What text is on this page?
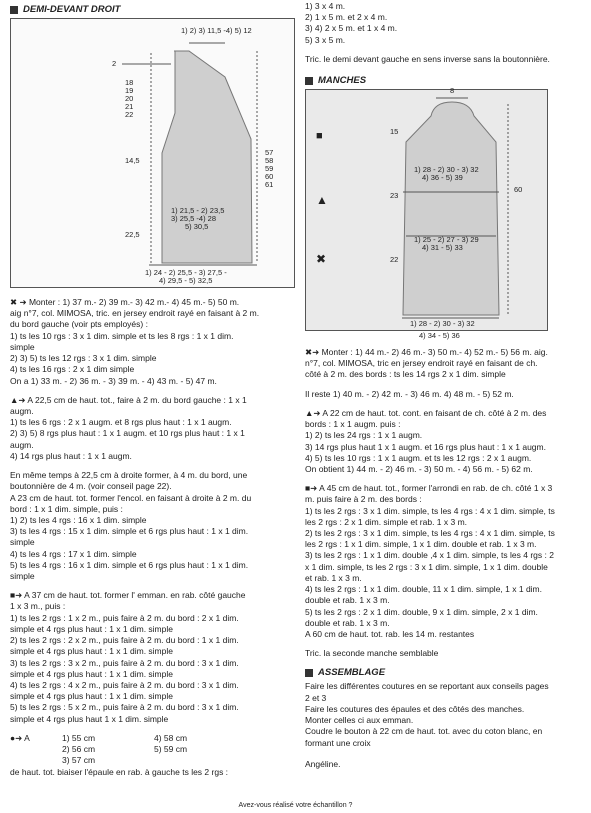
DEMI-DEVANT DROIT
1) 2) 3) 11,5 -4) 5) 12
2
18
19
20
21
22
14,5
22,5
57
58
59
60
61
1) 21,5 - 2) 23,5
3) 25,5 -4) 28
5) 30,5
1) 24 - 2) 25,5 - 3) 27,5 -
4) 29,5 - 5) 32,5
✖ ➜ Monter : 1) 37 m.- 2) 39 m.- 3) 42 m.- 4) 45 m.- 5) 50 m.
aig n°7, col. MIMOSA, tric. en jersey endroit rayé en faisant à 2 m.
du bord gauche (voir pts employés) :
1) ts les 10 rgs : 3 x 1 dim. simple et ts les 8 rgs : 1 x 1 dim.
simple
2) 3) 5) ts les 12 rgs : 3 x 1 dim. simple
4) ts les 16 rgs : 2 x 1 dim simple
On a 1) 33 m. - 2) 36 m. - 3) 39 m. - 4) 43 m. - 5) 47 m.
▲➜ A 22,5 cm de haut. tot., faire à 2 m. du bord gauche : 1 x 1
augm.
1) ts les 6 rgs : 2 x 1 augm. et 8 rgs plus haut : 1 x 1 augm.
2) 3) 5) 8 rgs plus haut : 1 x 1 augm. et 10 rgs plus haut : 1 x 1
augm.
4) 14 rgs plus haut : 1 x 1 augm.
En même temps à 22,5 cm à droite former, à 4 m. du bord, une
boutonnière de 4 m. (voir conseil page 22).
A 23 cm de haut. tot. former l'encol. en faisant à droite à 2 m. du
bord : 1 x 1 dim. simple, puis :
1) 2) ts les 4 rgs : 16 x 1 dim. simple
3) ts les 4 rgs : 15 x 1 dim. simple et 6 rgs plus haut : 1 x 1 dim.
simple
4) ts les 4 rgs : 17 x 1 dim. simple
5) ts les 4 rgs : 16 x 1 dim. simple et 6 rgs plus haut : 1 x 1 dim.
simple
■➜ A 37 cm de haut. tot. former l' emman. en rab. côté gauche
1 x 3 m., puis :
1) ts les 2 rgs : 1 x 2 m., puis faire à 2 m. du bord : 2 x 1 dim.
simple et 4 rgs plus haut : 1 x 1 dim. simple
2) ts les 2 rgs : 2 x 2 m., puis faire à 2 m. du bord : 1 x 1 dim.
simple et 4 rgs plus haut : 1 x 1 dim. simple
3) ts les 2 rgs : 3 x 2 m., puis faire à 2 m. du bord : 3 x 1 dim.
simple et 4 rgs plus haut : 1 x 1 dim. simple
4) ts les 2 rgs : 4 x 2 m., puis faire à 2 m. du bord : 3 x 1 dim.
simple et 4 rgs plus haut : 1 x 1 dim. simple
5) ts les 2 rgs : 5 x 2 m., puis faire à 2 m. du bord : 3 x 1 dim.
simple et 4 rgs plus haut 1 x 1 dim. simple
●➜ A	1) 55 cm
2) 56 cm
3) 57 cm
4) 58 cm
5) 59 cm
de haut. tot. biaiser l'épaule en rab. à gauche ts les 2 rgs :
1) 3 x 4 m.
2) 1 x 5 m. et 2 x 4 m.
3) 4) 2 x 5 m. et 1 x 4 m.
5) 3 x 5 m.
Tric. le demi devant gauche en sens inverse sans la boutonnière.
MANCHES
■
▲
✖
8
15
23
22
60
1) 28 - 2) 30 - 3) 32
4) 36 - 5) 39
1) 25 - 2) 27 - 3) 29
4) 31 - 5) 33
1) 28 - 2) 30 - 3) 32
4) 34 - 5) 36
✖➜ Monter : 1) 44 m.- 2) 46 m.- 3) 50 m.- 4) 52 m.- 5) 56 m. aig.
n°7, col. MIMOSA, tric en jersey endroit rayé en faisant de ch.
côté à 2 m. des bords : ts les 14 rgs 2 x 1 dim. simple
Il reste 1) 40 m. - 2) 42 m. - 3) 46 m. 4) 48 m. - 5) 52 m.
▲➜ A 22 cm de haut. tot. cont. en faisant de ch. côté à 2 m. des
bords : 1 x 1 augm. puis :
1) 2) ts les 24 rgs : 1 x 1 augm.
3) 14 rgs plus haut 1 x 1 augm. et 16 rgs plus haut : 1 x 1 augm.
4) 5) ts les 10 rgs : 1 x 1 augm. et ts les 12 rgs : 2 x 1 augm.
On obtient 1) 44 m. - 2) 46 m. - 3) 50 m. - 4) 56 m. - 5) 62 m.
■➜ A 45 cm de haut. tot., former l'arrondi en rab. de ch. côté 1 x 3
m. puis faire à 2 m. des bords :
1) ts les 2 rgs : 3 x 1 dim. simple, ts les 4 rgs : 4 x 1 dim. simple, ts
les 2 rgs : 2 x 1 dim. simple et rab. 1 x 3 m.
2) ts les 2 rgs : 3 x 1 dim. simple, ts les 4 rgs : 4 x 1 dim. simple, ts
les 2 rgs : 1 x 1 dim. simple, 1 x 1 dim. double et rab. 1 x 3 m.
3) ts les 2 rgs : 1 x 1 dim. double ,4 x 1 dim. simple, ts les 4 rgs : 2
x 1 dim. simple, ts les 2 rgs : 3 x 1 dim. simple, 1 x 1 dim. double
et rab. 1 x 3 m.
4) ts les 2 rgs : 1 x 1 dim. double, 11 x 1 dim. simple, 1 x 1 dim.
double et rab. 1 x 3 m.
5) ts les 2 rgs : 2 x 1 dim. double, 9 x 1 dim. simple, 2 x 1 dim.
double et rab. 1 x 3 m.
A 60 cm de haut. tot. rab. les 14 m. restantes
Tric. la seconde manche semblable
ASSEMBLAGE
Faire les différentes coutures en se reportant aux conseils pages
2 et 3
Faire les coutures des épaules et des côtés des manches.
Monter celles ci aux emman.
Coudre le bouton à 22 cm de haut. tot. avec du coton blanc, en
formant une croix
Angéline.
Avez-vous réalisé votre échantillon ?
